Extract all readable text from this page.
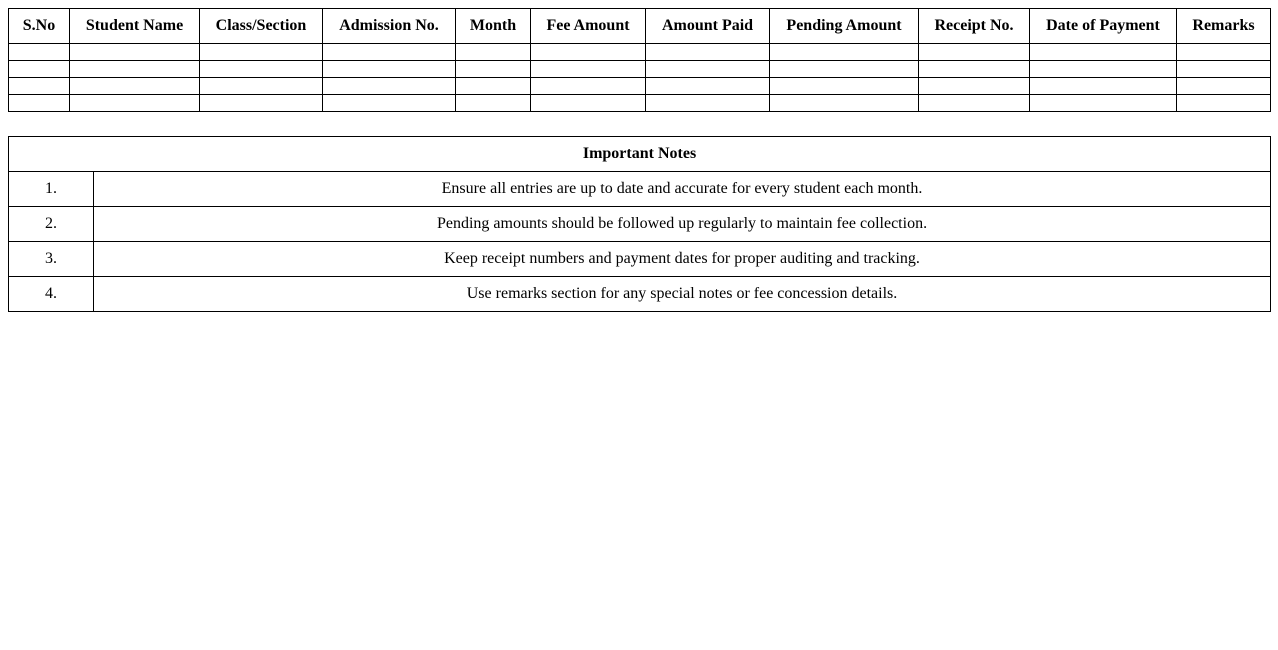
S.No	Student Name	Class/Section	Admission No.	Month	Fee Amount	Amount Paid	Pending Amount	Receipt No.	Date of Payment	Remarks

Important Notes	
1.	Ensure all entries are up to date and accurate for every student each month.
2.	Pending amounts should be followed up regularly to maintain fee collection.
3.	Keep receipt numbers and payment dates for proper auditing and tracking.
4.	Use remarks section for any special notes or fee concession details.
